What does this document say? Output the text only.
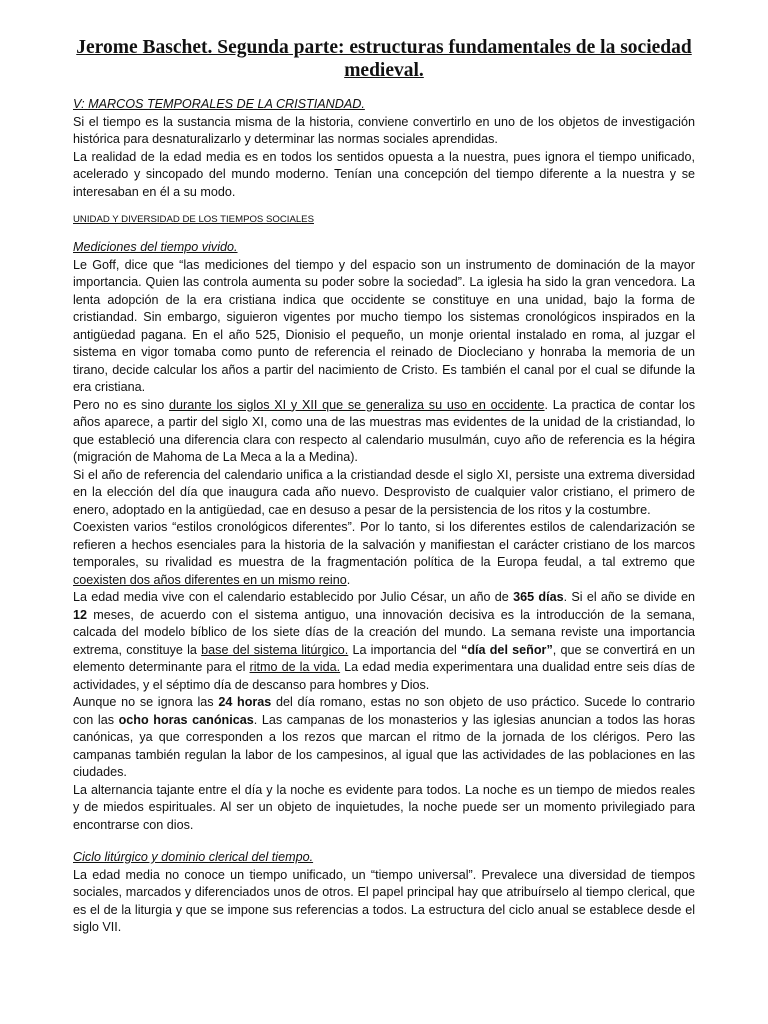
Jerome Baschet. Segunda parte: estructuras fundamentales de la sociedad medieval.
V: MARCOS TEMPORALES DE LA CRISTIANDAD.

Si el tiempo es la sustancia misma de la historia, conviene convertirlo en uno de los objetos de investigación histórica para desnaturalizarlo y determinar las normas sociales aprendidas.

La realidad de la edad media es en todos los sentidos opuesta a la nuestra, pues ignora el tiempo unificado, acelerado y sincopado del mundo moderno. Tenían una concepción del tiempo diferente a la nuestra y se interesaban en él a su modo.

UNIDAD Y DIVERSIDAD DE LOS TIEMPOS SOCIALES
Mediciones del tiempo vivido.

Le Goff, dice que “las mediciones del tiempo y del espacio son un instrumento de dominación de la mayor importancia. Quien las controla aumenta su poder sobre la sociedad”. La iglesia ha sido la gran vencedora. La lenta adopción de la era cristiana indica que occidente se constituye en una unidad, bajo la forma de cristiandad. Sin embargo, siguieron vigentes por mucho tiempo los sistemas cronológicos inspirados en la antigüedad pagana. En el año 525, Dionisio el pequeño, un monje oriental instalado en roma, al juzgar el sistema en vigor tomaba como punto de referencia el reinado de Diocleciano y honraba la memoria de un tirano, decide calcular los años a partir del nacimiento de Cristo. Es también el canal por el cual se difunde la era cristiana.

Pero no es sino durante los siglos XI y XII que se generaliza su uso en occidente. La practica de contar los años aparece, a partir del siglo XI, como una de las muestras mas evidentes de la unidad de la cristiandad, lo que estableció una diferencia clara con respecto al calendario musulmán, cuyo año de referencia es la hégira (migración de Mahoma de La Meca a la a Medina).

Si el año de referencia del calendario unifica a la cristiandad desde el siglo XI, persiste una extrema diversidad en la elección del día que inaugura cada año nuevo. Desprovisto de cualquier valor cristiano, el primero de enero, adoptado en la antigüedad, cae en desuso a pesar de la persistencia de los ritos y la costumbre.

Coexisten varios “estilos cronológicos diferentes”. Por lo tanto, si los diferentes estilos de calendarización se refieren a hechos esenciales para la historia de la salvación y manifiestan el carácter cristiano de los marcos temporales, su rivalidad es muestra de la fragmentación política de la Europa feudal, a tal extremo que coexisten dos años diferentes en un mismo reino.

La edad media vive con el calendario establecido por Julio César, un año de 365 días. Si el año se divide en 12 meses, de acuerdo con el sistema antiguo, una innovación decisiva es la introducción de la semana, calcada del modelo bíblico de los siete días de la creación del mundo. La semana reviste una importancia extrema, constituye la base del sistema litúrgico. La importancia del “día del señor”, que se convertirá en un elemento determinante para el ritmo de la vida. La edad media experimentara una dualidad entre seis días de actividades, y el séptimo día de descanso para hombres y Dios.

Aunque no se ignora las 24 horas del día romano, estas no son objeto de uso práctico. Sucede lo contrario con las ocho horas canónicas. Las campanas de los monasterios y las iglesias anuncian a todos las horas canónicas, ya que corresponden a los rezos que marcan el ritmo de la jornada de los clérigos. Pero las campanas también regulan la labor de los campesinos, al igual que las actividades de las poblaciones en las ciudades.

La alternancia tajante entre el día y la noche es evidente para todos. La noche es un tiempo de miedos reales y de miedos espirituales. Al ser un objeto de inquietudes, la noche puede ser un momento privilegiado para encontrarse con dios.

Ciclo litúrgico y dominio clerical del tiempo.

La edad media no conoce un tiempo unificado, un “tiempo universal”. Prevalece una diversidad de tiempos sociales, marcados y diferenciados unos de otros. El papel principal hay que atribuírselo al tiempo clerical, que es el de la liturgia y que se impone sus referencias a todos. La estructura del ciclo anual se establece desde el siglo VII.
